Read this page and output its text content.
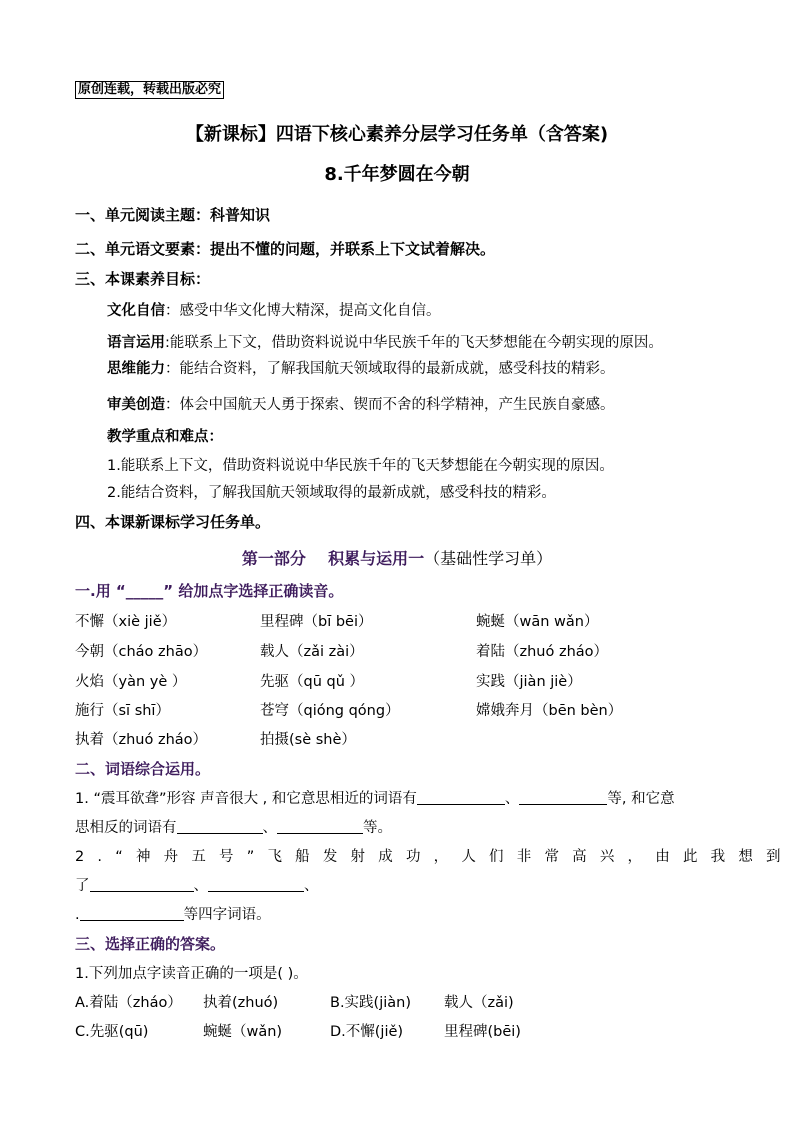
原创连载，转载出版必究
【新课标】四语下核心素养分层学习任务单（含答案)
8.千年梦圆在今朝
一、单元阅读主题：科普知识
二、单元语文要素：提出不懂的问题，并联系上下文试着解决。
三、本课素养目标：
文化自信：感受中华文化博大精深，提高文化自信。
语言运用:能联系上下文，借助资料说说中华民族千年的飞天梦想能在今朝实现的原因。
思维能力：能结合资料，了解我国航天领域取得的最新成就，感受科技的精彩。
审美创造：体会中国航天人勇于探索、锲而不舍的科学精神，产生民族自豪感。
教学重点和难点：
1.能联系上下文，借助资料说说中华民族千年的飞天梦想能在今朝实现的原因。
2.能结合资料，了解我国航天领域取得的最新成就，感受科技的精彩。
四、本课新课标学习任务单。
第一部分    积累与运用一（基础性学习单）
一.用 “_____” 给加点字选择正确读音。
不懈（xiè jiě）	里程碑（bī bēi）	蜿蜒（wān wǎn）
今朝（cháo zhāo）	载人（zǎi zài）	着陆（zhuó zháo）
火焰（yàn yè ）	先驱（qū qǔ ）	实践（jiàn jiè）
施行（sī shī）	苍穹（qióng qóng）	嫦娥奔月（bēn bèn）
执着（zhuó zháo）	拍摄(sè shè）
二、词语综合运用。
1. “震耳欲聋”形容 声音很大 , 和它意思相近的词语有	、	等, 和它意
思相反的词语有	、	等。
2.“神舟五号”飞船发射成功，人们非常高兴，由此我想到
了	、	、
.	等四字词语。
三、选择正确的答案。
1.下列加点字读音正确的一项是( )。
A.着陆（zháo） 执着(zhuó)	B.实践(jiàn) 载人（zǎi)
C.先驱(qū)	蜿蜒（wǎn)	D.不懈(jiě)	里程碑(bēi)
